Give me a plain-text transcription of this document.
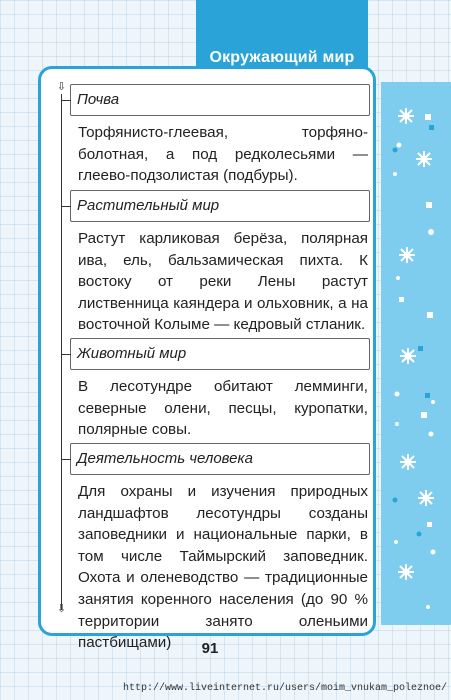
Окружающий мир
⇩
⇩
Почва
Торфянисто-глеевая, торфяно-болотная, а под редколесьями — глеево-подзолистая (подбуры).
Растительный мир
Растут карликовая берёза, полярная ива, ель, бальзамическая пихта. К востоку от реки Лены растут лиственница каяндера и ольховник, а на восточной Колыме — кедровый стланик.
Животный мир
В лесотундре обитают лемминги, северные олени, песцы, куропатки, полярные совы.
Деятельность человека
Для охраны и изучения природных ландшафтов лесотундры созданы заповедники и национальные парки, в том числе Таймырский заповедник. Охота и оленеводство — традиционные занятия коренного населения (до 90 % территории занято оленьими пастбищами)	91
http://www.liveinternet.ru/users/moim_vnukam_poleznoe/
